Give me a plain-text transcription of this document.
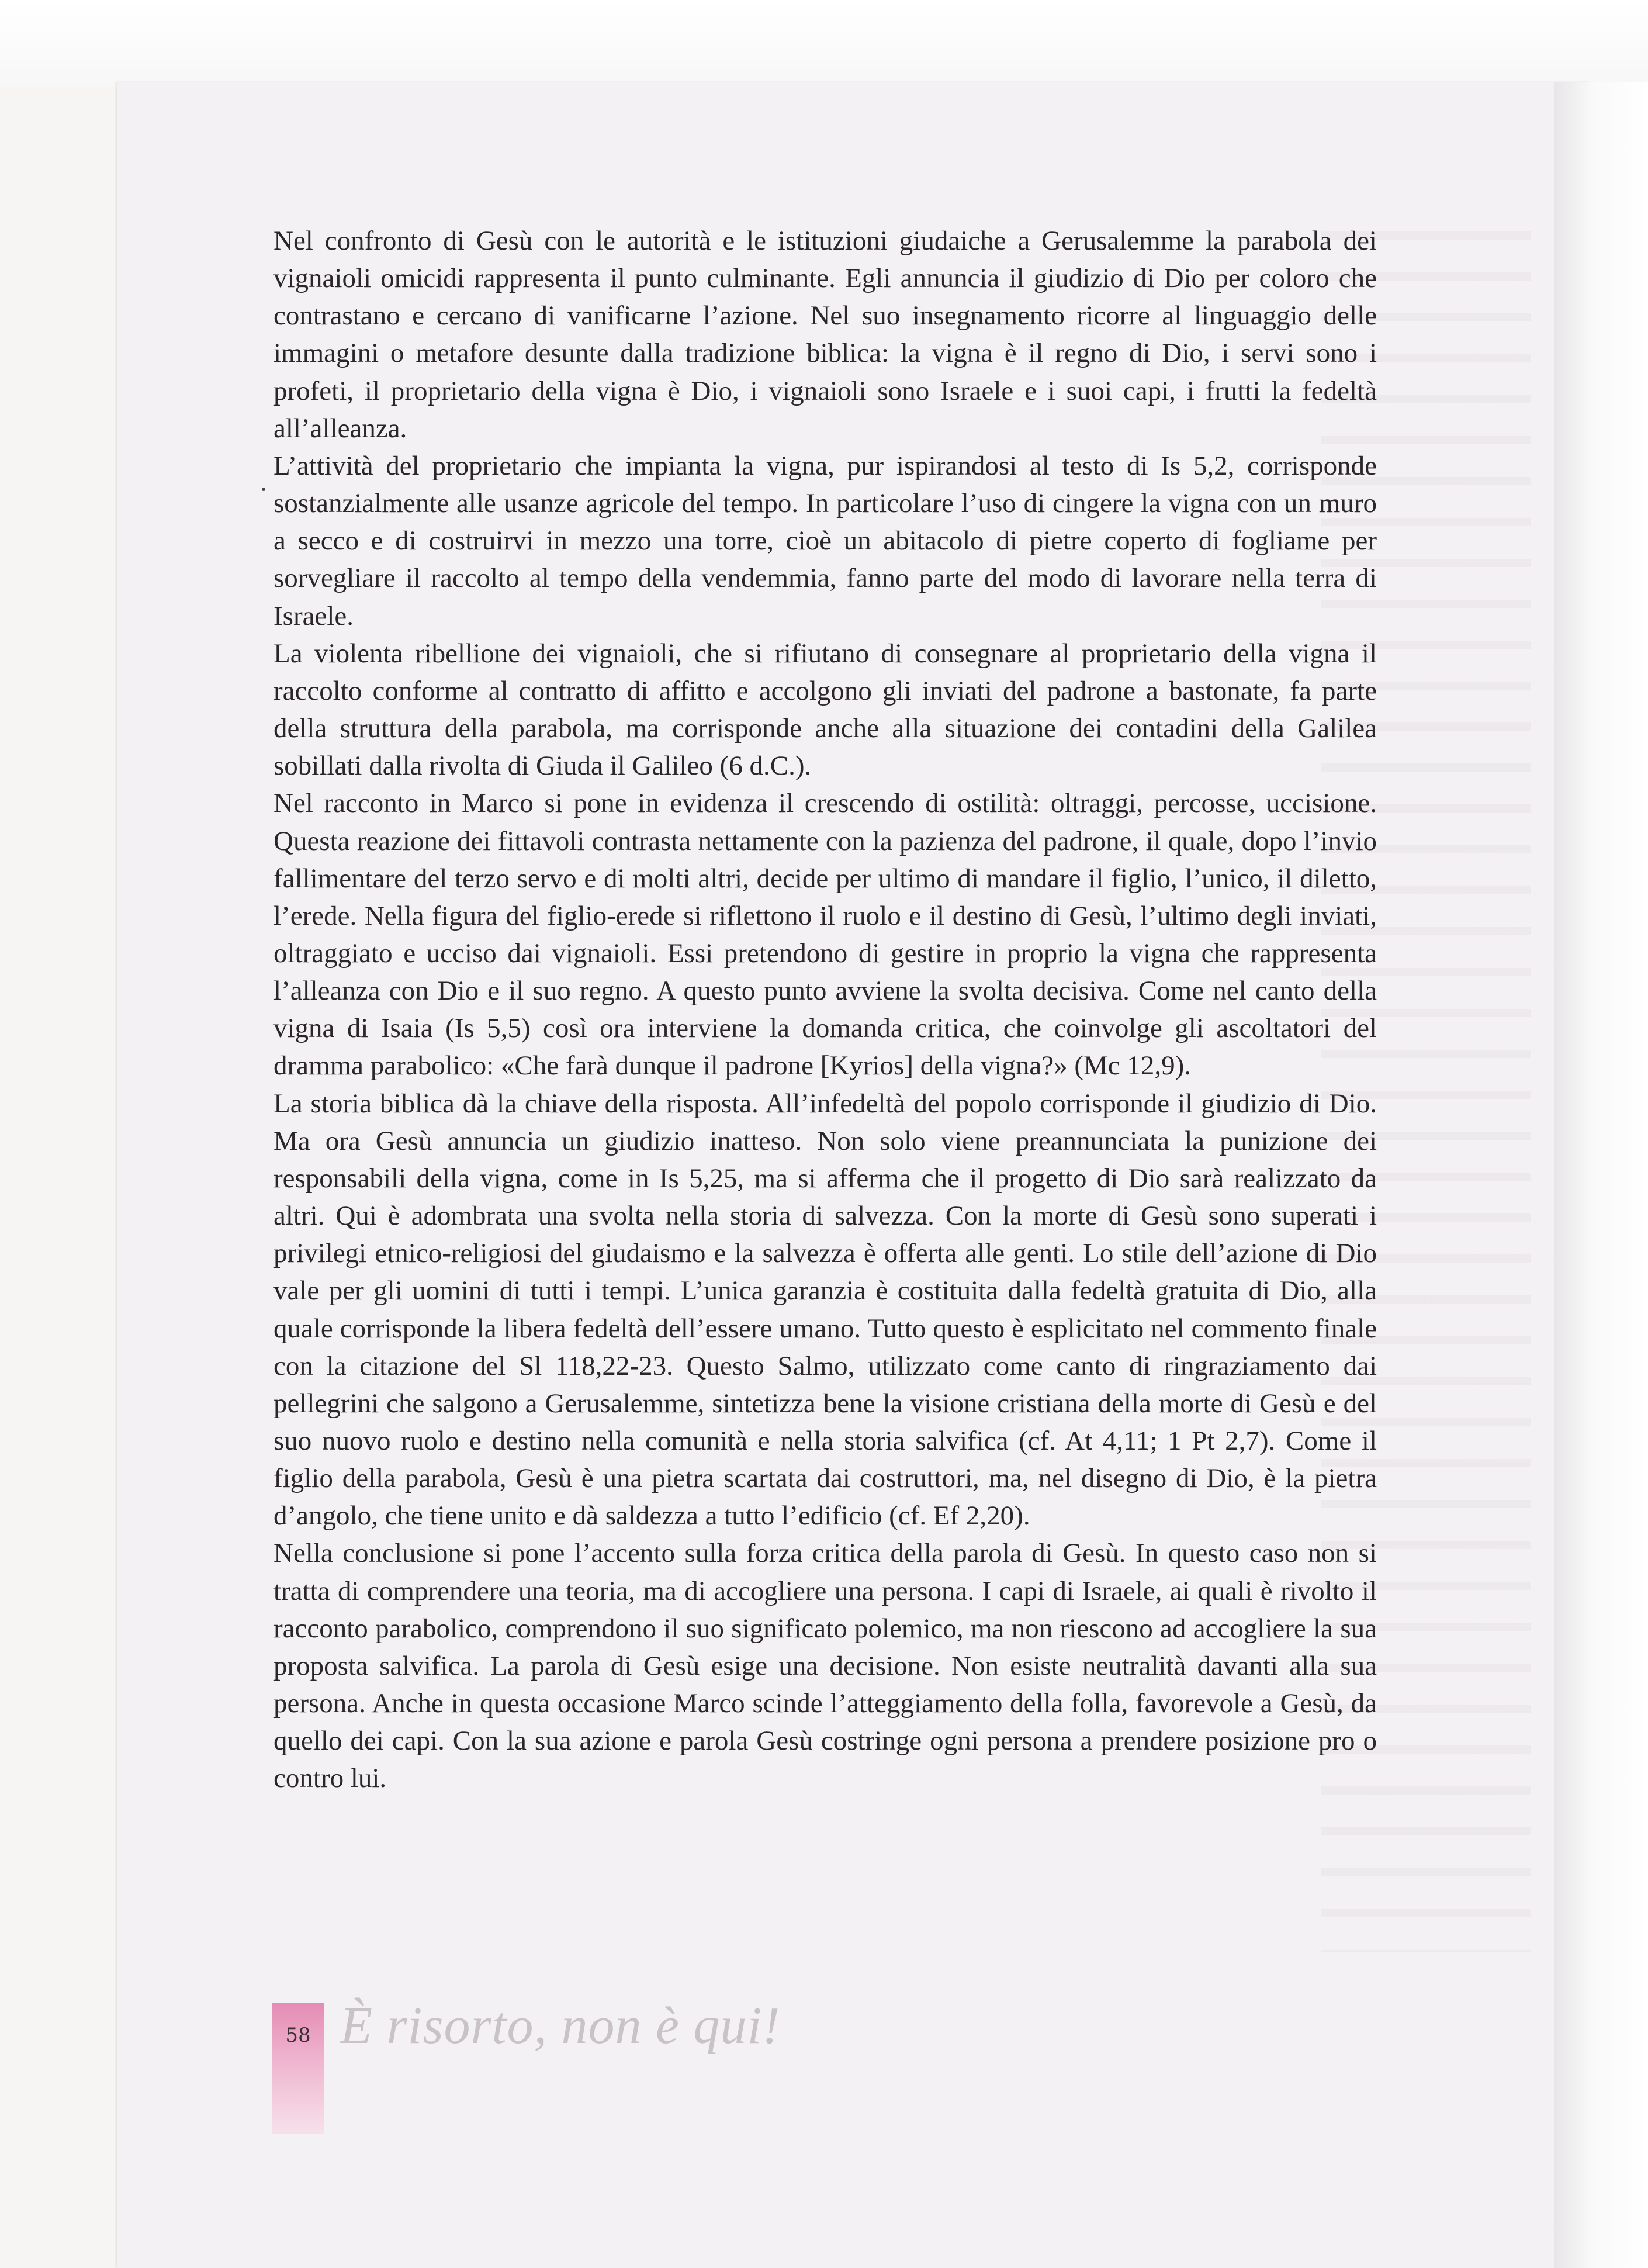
Nel confronto di Gesù con le autorità e le istituzioni giudaiche a Gerusalemme la parabola dei vignaioli omicidi rappresenta il punto culminante. Egli annuncia il giudizio di Dio per coloro che contrastano e cercano di vanificarne l’azione. Nel suo insegnamento ricorre al linguaggio delle immagini o metafore desunte dalla tradizione biblica: la vigna è il regno di Dio, i servi sono i profeti, il proprietario della vigna è Dio, i vignaioli sono Israele e i suoi capi, i frutti la fedeltà all’alleanza.

L’attività del proprietario che impianta la vigna, pur ispirandosi al testo di Is 5,2, corrisponde sostanzialmente alle usanze agricole del tempo. In particolare l’uso di cingere la vigna con un muro a secco e di costruirvi in mezzo una torre, cioè un abitacolo di pietre coperto di fogliame per sorvegliare il raccolto al tempo della vendemmia, fanno parte del modo di lavorare nella terra di Israele.

La violenta ribellione dei vignaioli, che si rifiutano di consegnare al proprietario della vigna il raccolto conforme al contratto di affitto e accolgono gli inviati del padrone a bastonate, fa parte della struttura della parabola, ma corrisponde anche alla situazione dei contadini della Galilea sobillati dalla rivolta di Giuda il Galileo (6 d.C.).

Nel racconto in Marco si pone in evidenza il crescendo di ostilità: oltraggi, percosse, uccisione. Questa reazione dei fittavoli contrasta nettamente con la pazienza del padrone, il quale, dopo l’invio fallimentare del terzo servo e di molti altri, decide per ultimo di mandare il figlio, l’unico, il diletto, l’erede. Nella figura del figlio-erede si riflettono il ruolo e il destino di Gesù, l’ultimo degli inviati, oltraggiato e ucciso dai vignaioli. Essi pretendono di gestire in proprio la vigna che rappresenta l’alleanza con Dio e il suo regno. A questo punto avviene la svolta decisiva. Come nel canto della vigna di Isaia (Is 5,5) così ora interviene la domanda critica, che coinvolge gli ascoltatori del dramma parabolico: «Che farà dunque il padrone [Kyrios] della vigna?» (Mc 12,9).

La storia biblica dà la chiave della risposta. All’infedeltà del popolo corrisponde il giudizio di Dio. Ma ora Gesù annuncia un giudizio inatteso. Non solo viene preannunciata la punizione dei responsabili della vigna, come in Is 5,25, ma si afferma che il progetto di Dio sarà realizzato da altri. Qui è adombrata una svolta nella storia di salvezza. Con la morte di Gesù sono superati i privilegi etnico-religiosi del giudaismo e la salvezza è offerta alle genti. Lo stile dell’azione di Dio vale per gli uomini di tutti i tempi. L’unica garanzia è costituita dalla fedeltà gratuita di Dio, alla quale corrisponde la libera fedeltà dell’essere umano. Tutto questo è esplicitato nel commento finale con la citazione del Sl 118,22-23. Questo Salmo, utilizzato come canto di ringraziamento dai pellegrini che salgono a Gerusalemme, sintetizza bene la visione cristiana della morte di Gesù e del suo nuovo ruolo e destino nella comunità e nella storia salvifica (cf. At 4,11; 1 Pt 2,7). Come il figlio della parabola, Gesù è una pietra scartata dai costruttori, ma, nel disegno di Dio, è la pietra d’angolo, che tiene unito e dà saldezza a tutto l’edificio (cf. Ef 2,20).

Nella conclusione si pone l’accento sulla forza critica della parola di Gesù. In questo caso non si tratta di comprendere una teoria, ma di accogliere una persona. I capi di Israele, ai quali è rivolto il racconto parabolico, comprendono il suo significato polemico, ma non riescono ad accogliere la sua proposta salvifica. La parola di Gesù esige una decisione. Non esiste neutralità davanti alla sua persona. Anche in questa occasione Marco scinde l’atteggiamento della folla, favorevole a Gesù, da quello dei capi. Con la sua azione e parola Gesù costringe ogni persona a prendere posizione pro o contro lui.

58 È risorto, non è qui!
